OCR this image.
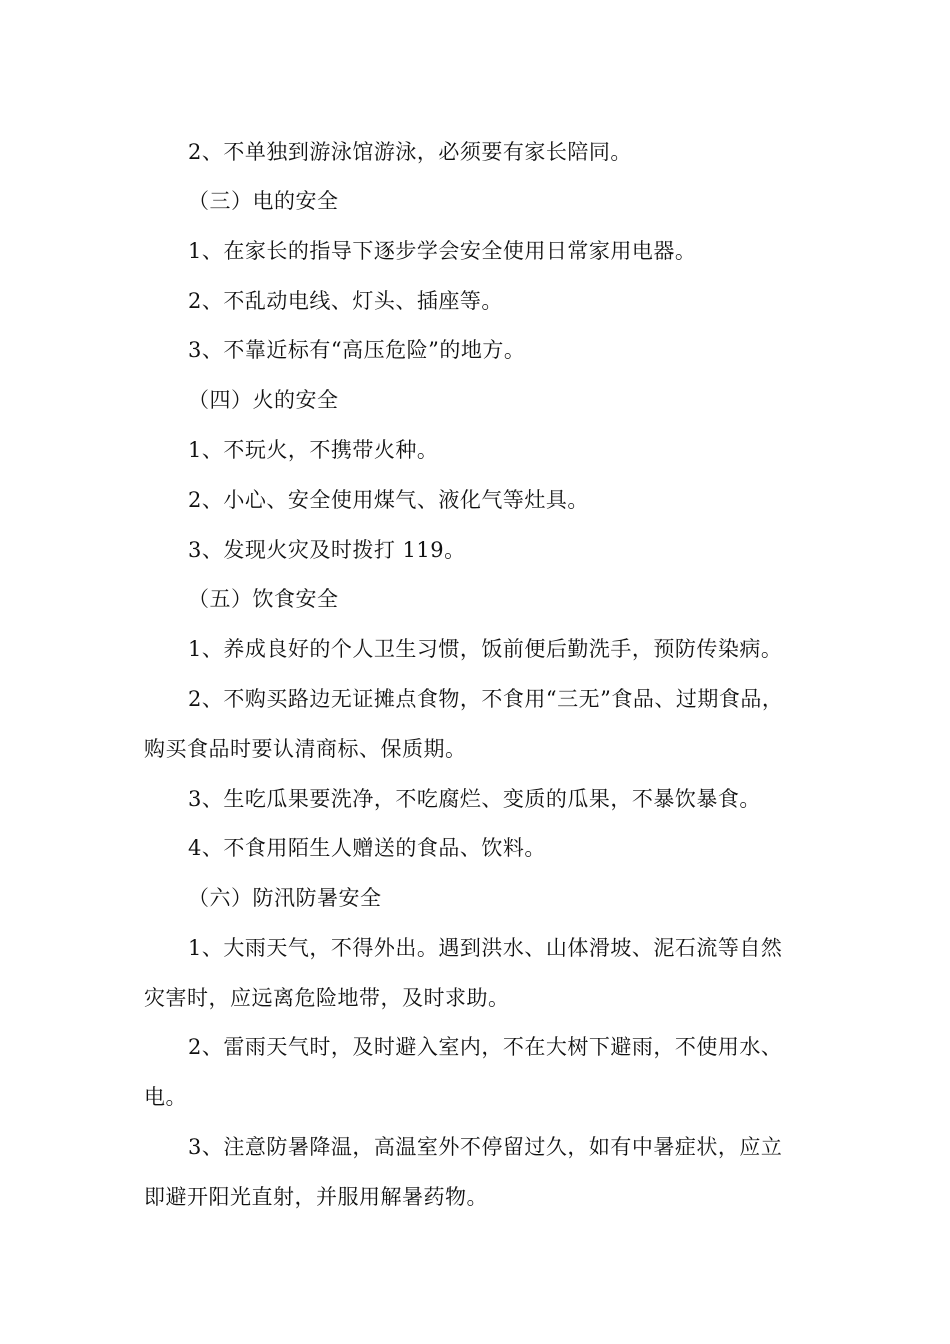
2、不单独到游泳馆游泳，必须要有家长陪同。
（三）电的安全
1、在家长的指导下逐步学会安全使用日常家用电器。
2、不乱动电线、灯头、插座等。
3、不靠近标有“高压危险”的地方。
（四）火的安全
1、不玩火，不携带火种。
2、小心、安全使用煤气、液化气等灶具。
3、发现火灾及时拨打 119。
（五）饮食安全
1、养成良好的个人卫生习惯，饭前便后勤洗手，预防传染病。
2、不购买路边无证摊点食物，不食用“三无”食品、过期食品，
购买食品时要认清商标、保质期。
3、生吃瓜果要洗净，不吃腐烂、变质的瓜果，不暴饮暴食。
4、不食用陌生人赠送的食品、饮料。
（六）防汛防暑安全
1、大雨天气，不得外出。遇到洪水、山体滑坡、泥石流等自然
灾害时，应远离危险地带，及时求助。
2、雷雨天气时，及时避入室内，不在大树下避雨，不使用水、
电。
3、注意防暑降温，高温室外不停留过久，如有中暑症状，应立
即避开阳光直射，并服用解暑药物。
